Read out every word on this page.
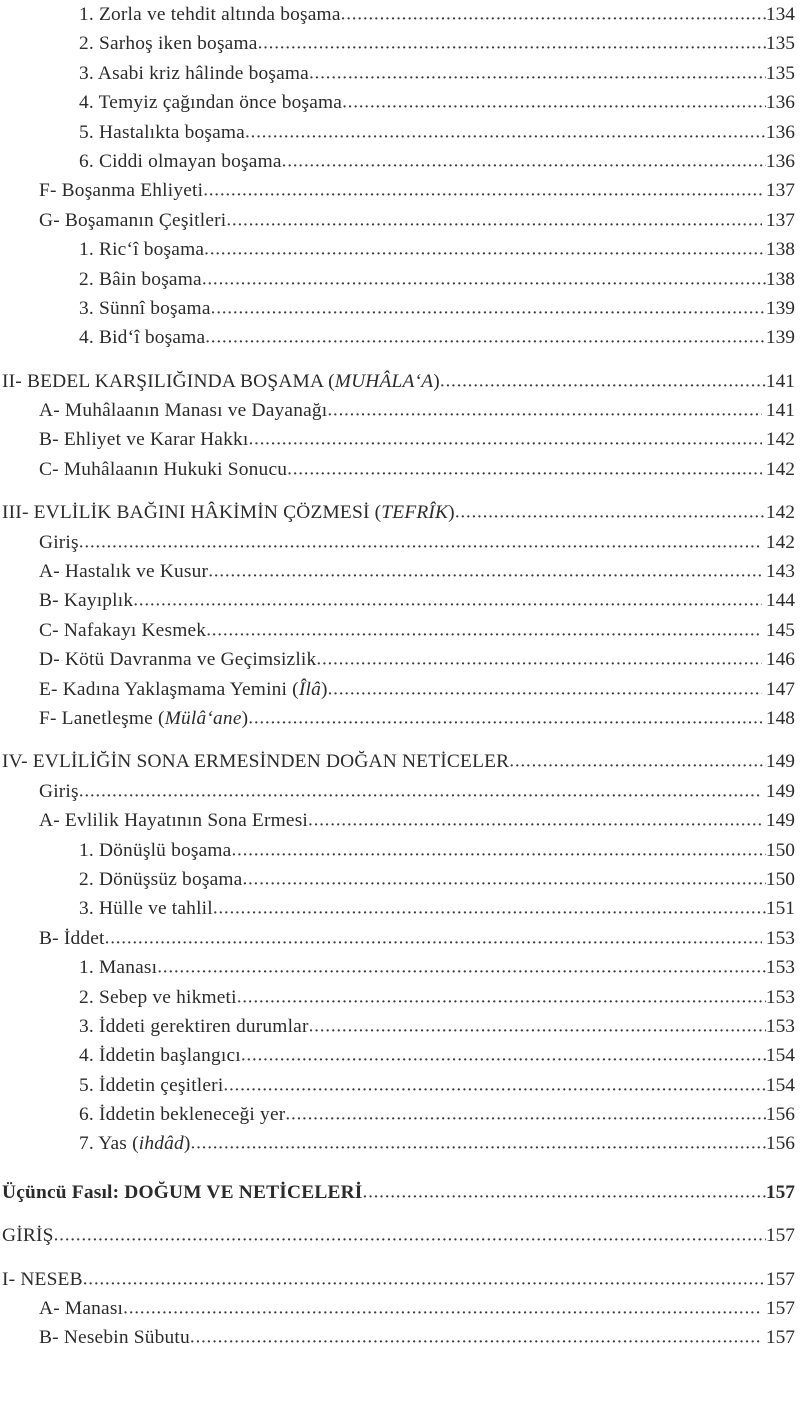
1. Zorla ve tehdit altında boşama .....	134
2. Sarhoş iken boşama .....	135
3. Asabi kriz hâlinde boşama .....	135
4. Temyiz çağından önce boşama .....	136
5. Hastalıkta boşama .....	136
6. Ciddi olmayan boşama .....	136
F- Boşanma Ehliyeti .....	137
G- Boşamanın Çeşitleri .....	137
1. Ricʻî boşama .....	138
2. Bâin boşama .....	138
3. Sünnî boşama .....	139
4. Bidʻî boşama .....	139
II- BEDEL KARŞILIĞINDA BOŞAMA (MUHÂLAʻA) .....	141
A- Muhâlaanın Manası ve Dayanağı .....	141
B- Ehliyet ve Karar Hakkı .....	142
C- Muhâlaanın Hukuki Sonucu .....	142
III- EVLİLİK BAĞINI HÂKİMİN ÇÖZMESİ (TEFRÎK) .....	142
Giriş .....	142
A- Hastalık ve Kusur .....	143
B- Kayıplık .....	144
C- Nafakayı Kesmek .....	145
D- Kötü Davranma ve Geçimsizlik .....	146
E- Kadına Yaklaşmama Yemini (Îlâ) .....	147
F- Lanetleşme (Mülâʻane) .....	148
IV- EVLİLİĞİN SONA ERMESİNDEN DOĞAN NETİCELER .....	149
Giriş .....	149
A- Evlilik Hayatının Sona Ermesi .....	149
1. Dönüşlü boşama .....	150
2. Dönüşsüz boşama .....	150
3. Hülle ve tahlil .....	151
B- İddet .....	153
1. Manası .....	153
2. Sebep ve hikmeti .....	153
3. İddeti gerektiren durumlar .....	153
4. İddetin başlangıcı .....	154
5. İddetin çeşitleri .....	154
6. İddetin bekleneceği yer .....	156
7. Yas (ihdâd) .....	156
Üçüncü Fasıl: DOĞUM VE NETİCELERİ .....	157
GİRİŞ .....	157
I- NESEB .....	157
A- Manası .....	157
B- Nesebin Sübutu .....	157
